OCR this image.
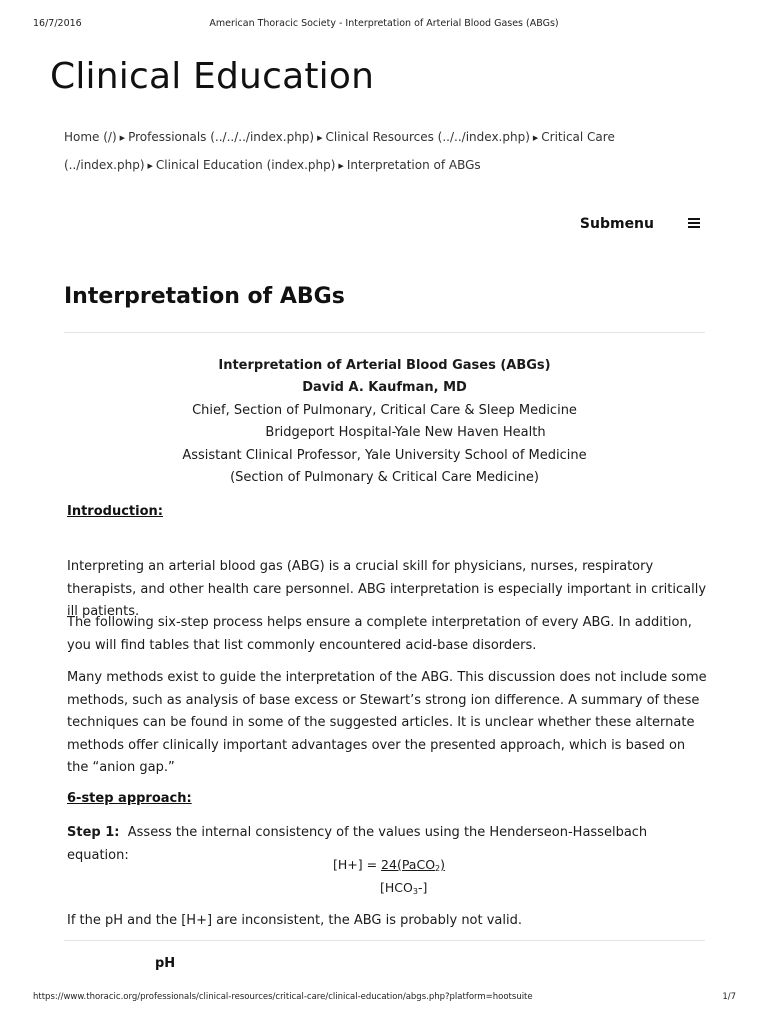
16/7/2016	American Thoracic Society - Interpretation of Arterial Blood Gases (ABGs)
Clinical Education
Home (/) ▶ Professionals (../../../index.php) ▶ Clinical Resources (../../index.php) ▶ Critical Care (../index.php) ▶ Clinical Education (index.php) ▶ Interpretation of ABGs
Submenu
Interpretation of ABGs
Interpretation of Arterial Blood Gases (ABGs)
David A. Kaufman, MD
Chief, Section of Pulmonary, Critical Care & Sleep Medicine
Bridgeport Hospital-Yale New Haven Health
Assistant Clinical Professor, Yale University School of Medicine
(Section of Pulmonary & Critical Care Medicine)
Introduction:

Interpreting an arterial blood gas (ABG) is a crucial skill for physicians, nurses, respiratory therapists, and other health care personnel. ABG interpretation is especially important in critically ill patients.

The following six-step process helps ensure a complete interpretation of every ABG. In addition, you will find tables that list commonly encountered acid-base disorders.

Many methods exist to guide the interpretation of the ABG. This discussion does not include some methods, such as analysis of base excess or Stewart’s strong ion difference. A summary of these techniques can be found in some of the suggested articles. It is unclear whether these alternate methods offer clinically important advantages over the presented approach, which is based on the “anion gap.”

6-step approach:

Step 1: Assess the internal consistency of the values using the Henderseon-Hasselbach equation:

[H+] = 24(PaCO$_2$)
$[HCO_3-]$

If the pH and the [H+] are inconsistent, the ABG is probably not valid.

pH
https://www.thoracic.org/professionals/clinical-resources/critical-care/clinical-education/abgs.php?platform=hootsuite	1/7
